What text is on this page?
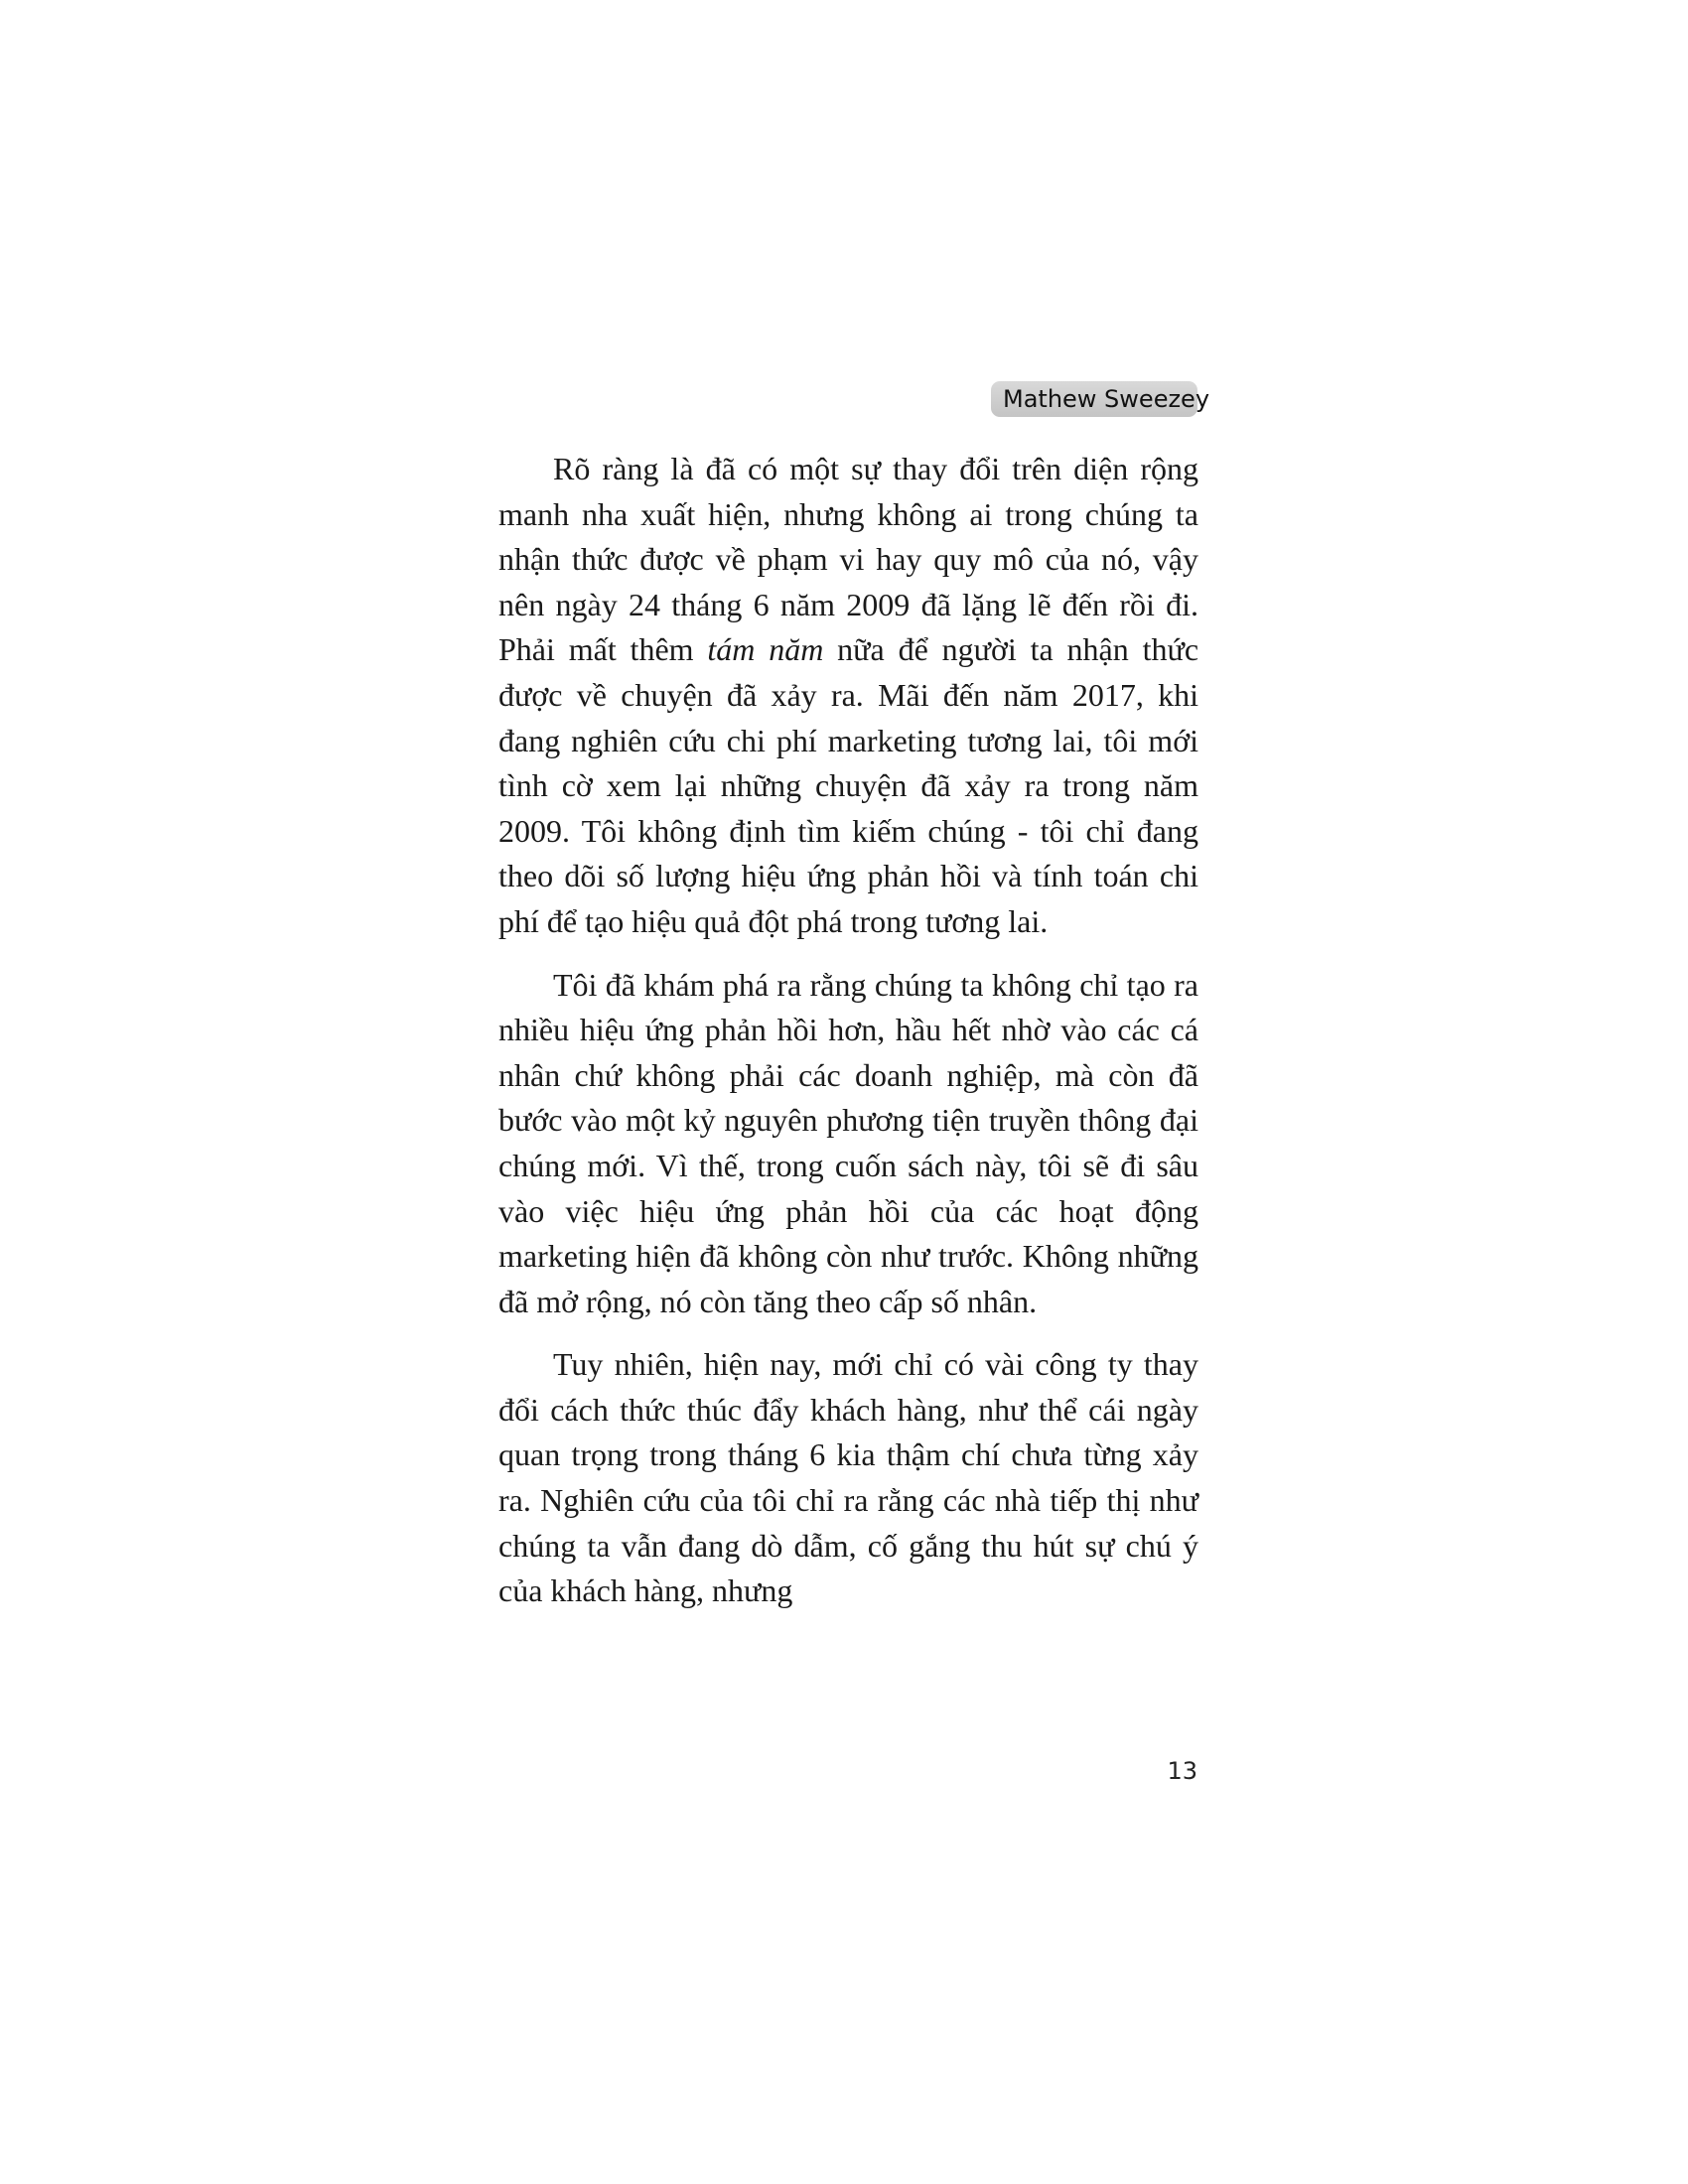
Mathew Sweezey

Rõ ràng là đã có một sự thay đổi trên diện rộng manh nha xuất hiện, nhưng không ai trong chúng ta nhận thức được về phạm vi hay quy mô của nó, vậy nên ngày 24 tháng 6 năm 2009 đã lặng lẽ đến rồi đi. Phải mất thêm tám năm nữa để người ta nhận thức được về chuyện đã xảy ra. Mãi đến năm 2017, khi đang nghiên cứu chi phí marketing tương lai, tôi mới tình cờ xem lại những chuyện đã xảy ra trong năm 2009. Tôi không định tìm kiếm chúng - tôi chỉ đang theo dõi số lượng hiệu ứng phản hồi và tính toán chi phí để tạo hiệu quả đột phá trong tương lai.

Tôi đã khám phá ra rằng chúng ta không chỉ tạo ra nhiều hiệu ứng phản hồi hơn, hầu hết nhờ vào các cá nhân chứ không phải các doanh nghiệp, mà còn đã bước vào một kỷ nguyên phương tiện truyền thông đại chúng mới. Vì thế, trong cuốn sách này, tôi sẽ đi sâu vào việc hiệu ứng phản hồi của các hoạt động marketing hiện đã không còn như trước. Không những đã mở rộng, nó còn tăng theo cấp số nhân.

Tuy nhiên, hiện nay, mới chỉ có vài công ty thay đổi cách thức thúc đẩy khách hàng, như thể cái ngày quan trọng trong tháng 6 kia thậm chí chưa từng xảy ra. Nghiên cứu của tôi chỉ ra rằng các nhà tiếp thị như chúng ta vẫn đang dò dẫm, cố gắng thu hút sự chú ý của khách hàng, nhưng

13
